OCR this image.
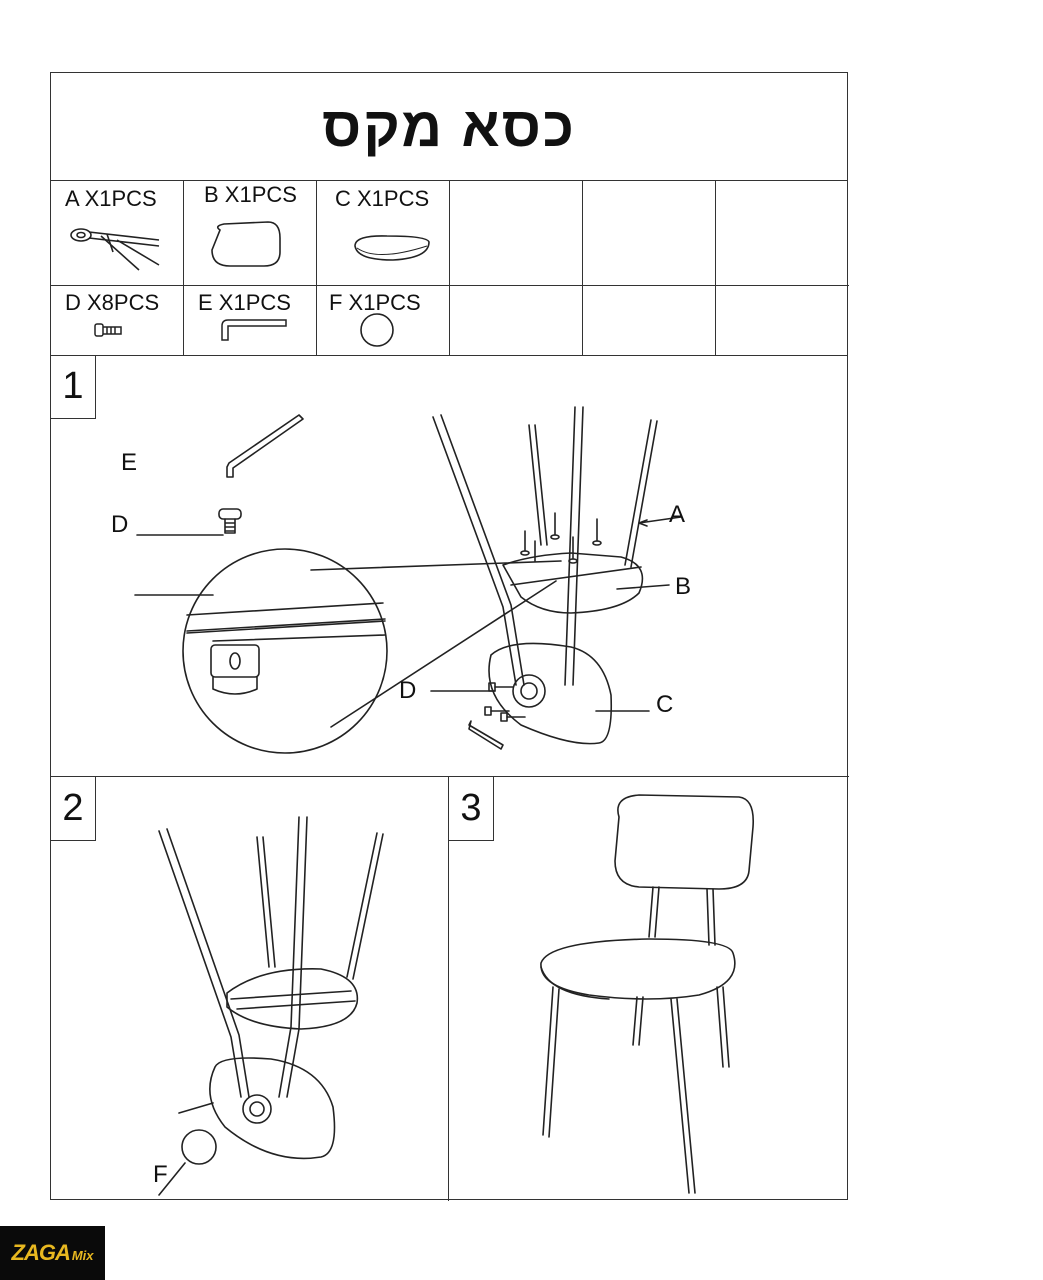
כסא מקס
A X1PCS B X1PCS C X1PCS
D X8PCS E X1PCS F X1PCS
1
E
D	A
B
D
C
2
F
3
ZAGA Mix
